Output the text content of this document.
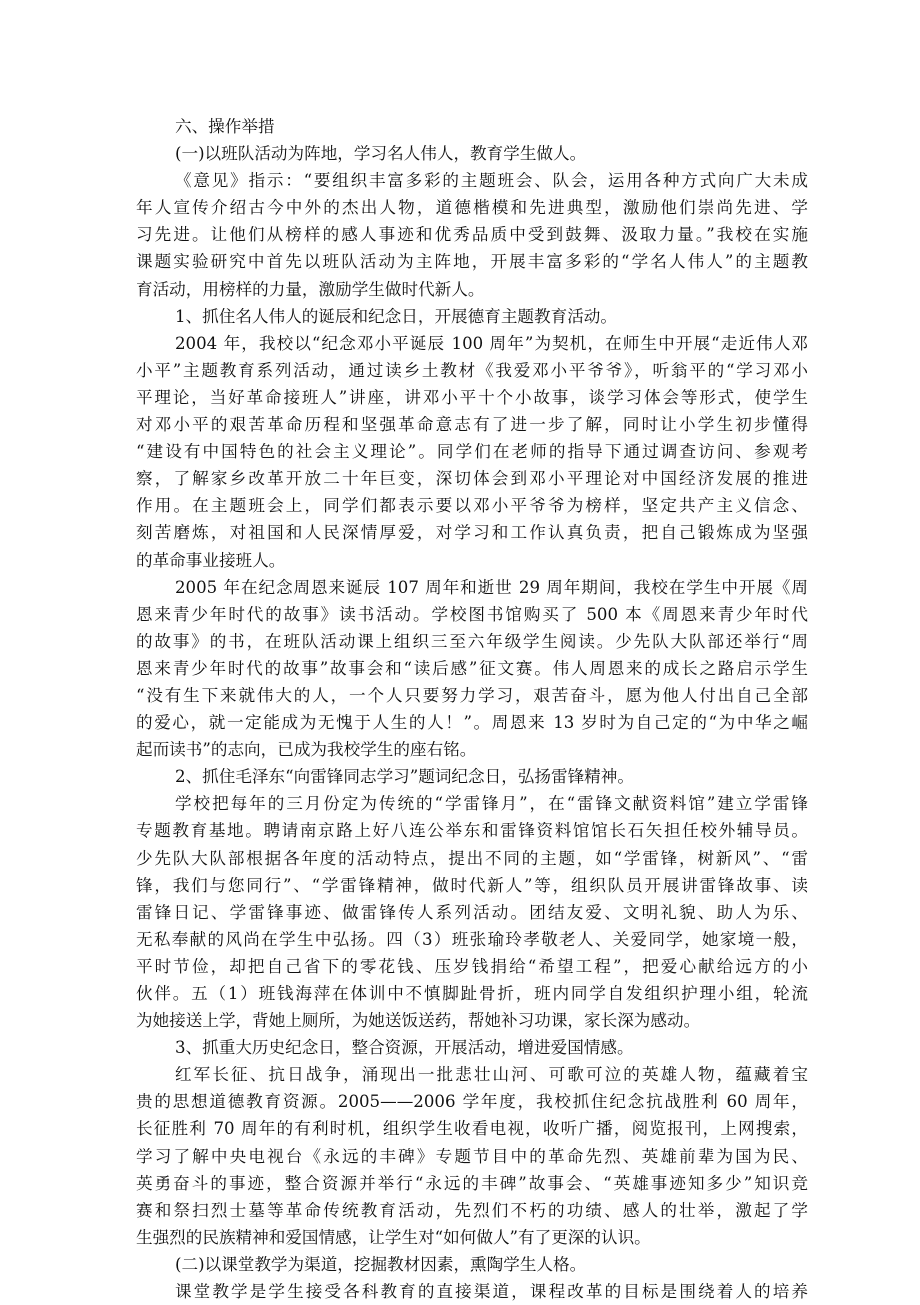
六、操作举措
(一)以班队活动为阵地，学习名人伟人，教育学生做人。
《意见》指示：“要组织丰富多彩的主题班会、队会，运用各种方式向广大未成
年人宣传介绍古今中外的杰出人物，道德楷模和先进典型，激励他们崇尚先进、学
习先进。让他们从榜样的感人事迹和优秀品质中受到鼓舞、汲取力量。”我校在实施
课题实验研究中首先以班队活动为主阵地，开展丰富多彩的“学名人伟人”的主题教
育活动，用榜样的力量，激励学生做时代新人。
1、抓住名人伟人的诞辰和纪念日，开展德育主题教育活动。
2004 年，我校以“纪念邓小平诞辰 100 周年”为契机，在师生中开展“走近伟人邓
小平”主题教育系列活动，通过读乡土教材《我爱邓小平爷爷》，听翁平的“学习邓小
平理论，当好革命接班人”讲座，讲邓小平十个小故事，谈学习体会等形式，使学生
对邓小平的艰苦革命历程和坚强革命意志有了进一步了解，同时让小学生初步懂得
“建设有中国特色的社会主义理论”。同学们在老师的指导下通过调查访问、参观考
察，了解家乡改革开放二十年巨变，深切体会到邓小平理论对中国经济发展的推进
作用。在主题班会上，同学们都表示要以邓小平爷爷为榜样，坚定共产主义信念、
刻苦磨炼，对祖国和人民深情厚爱，对学习和工作认真负责，把自己锻炼成为坚强
的革命事业接班人。
2005 年在纪念周恩来诞辰 107 周年和逝世 29 周年期间，我校在学生中开展《周
恩来青少年时代的故事》读书活动。学校图书馆购买了 500 本《周恩来青少年时代
的故事》的书，在班队活动课上组织三至六年级学生阅读。少先队大队部还举行“周
恩来青少年时代的故事”故事会和“读后感”征文赛。伟人周恩来的成长之路启示学生
“没有生下来就伟大的人，一个人只要努力学习，艰苦奋斗，愿为他人付出自己全部
的爱心，就一定能成为无愧于人生的人！”。周恩来 13 岁时为自己定的“为中华之崛
起而读书”的志向，已成为我校学生的座右铭。
2、抓住毛泽东“向雷锋同志学习”题词纪念日，弘扬雷锋精神。
学校把每年的三月份定为传统的“学雷锋月”，在“雷锋文献资料馆”建立学雷锋
专题教育基地。聘请南京路上好八连公举东和雷锋资料馆馆长石矢担任校外辅导员。
少先队大队部根据各年度的活动特点，提出不同的主题，如“学雷锋，树新风”、“雷
锋，我们与您同行”、“学雷锋精神，做时代新人”等，组织队员开展讲雷锋故事、读
雷锋日记、学雷锋事迹、做雷锋传人系列活动。团结友爱、文明礼貌、助人为乐、
无私奉献的风尚在学生中弘扬。四（3）班张瑜玲孝敬老人、关爱同学，她家境一般，
平时节俭，却把自己省下的零花钱、压岁钱捐给“希望工程”，把爱心献给远方的小
伙伴。五（1）班钱海萍在体训中不慎脚趾骨折，班内同学自发组织护理小组，轮流
为她接送上学，背她上厕所，为她送饭送药，帮她补习功课，家长深为感动。
3、抓重大历史纪念日，整合资源，开展活动，增进爱国情感。
红军长征、抗日战争，涌现出一批悲壮山河、可歌可泣的英雄人物，蕴藏着宝
贵的思想道德教育资源。2005——2006 学年度，我校抓住纪念抗战胜利 60 周年，
长征胜利 70 周年的有利时机，组织学生收看电视，收听广播，阅览报刊，上网搜索，
学习了解中央电视台《永远的丰碑》专题节目中的革命先烈、英雄前辈为国为民、
英勇奋斗的事迹，整合资源并举行“永远的丰碑”故事会、“英雄事迹知多少”知识竞
赛和祭扫烈士墓等革命传统教育活动，先烈们不朽的功绩、感人的壮举，激起了学
生强烈的民族精神和爱国情感，让学生对“如何做人”有了更深的认识。
(二)以课堂教学为渠道，挖掘教材因素，熏陶学生人格。
课堂教学是学生接受各科教育的直接渠道，课程改革的目标是围绕着人的培养
